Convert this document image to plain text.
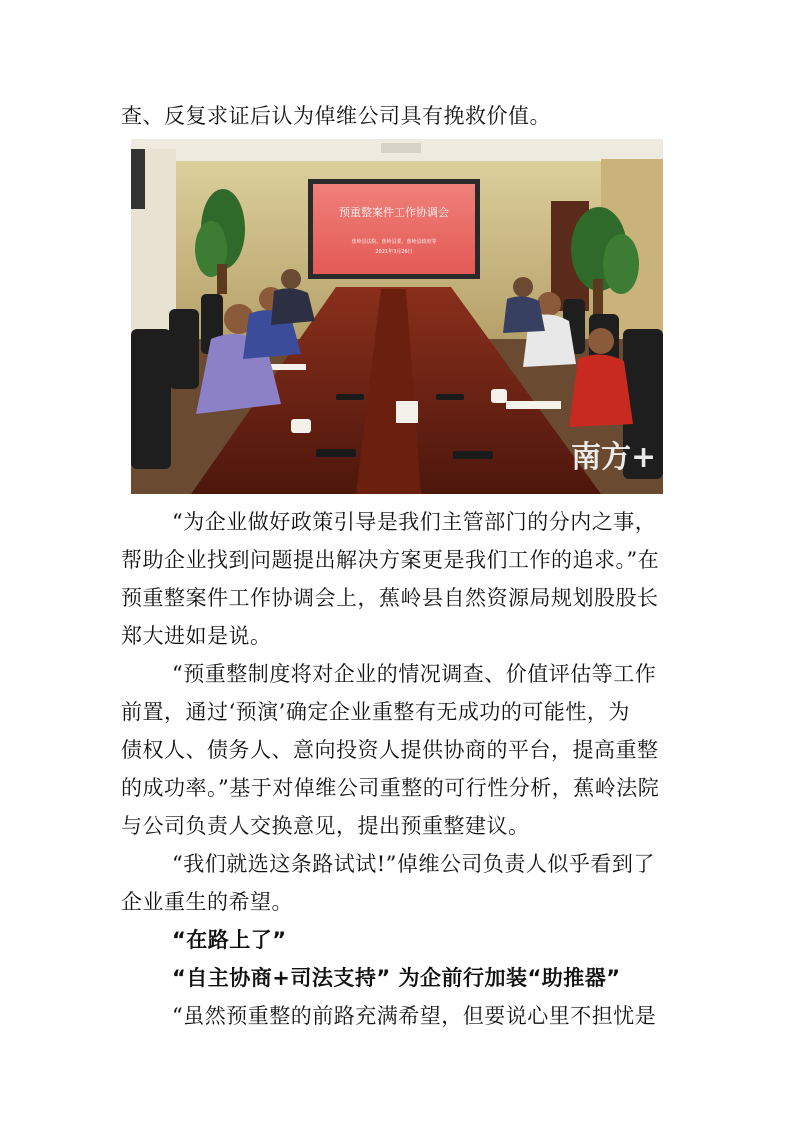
查、反复求证后认为倬维公司具有挽救价值。
预重整案件工作协调会
蕉岭县法院、蕉岭县委、蕉岭县政府等
2021年3月26日
南方+
“为企业做好政策引导是我们主管部门的分内之事，
帮助企业找到问题提出解决方案更是我们工作的追求。”在
预重整案件工作协调会上，蕉岭县自然资源局规划股股长
郑大进如是说。
“预重整制度将对企业的情况调查、价值评估等工作
前置，通过‘预演’确定企业重整有无成功的可能性，为
债权人、债务人、意向投资人提供协商的平台，提高重整
的成功率。”基于对倬维公司重整的可行性分析，蕉岭法院
与公司负责人交换意见，提出预重整建议。
“我们就选这条路试试!”倬维公司负责人似乎看到了
企业重生的希望。
“在路上了”
“自主协商+司法支持” 为企前行加装“助推器”
“虽然预重整的前路充满希望，但要说心里不担忧是
